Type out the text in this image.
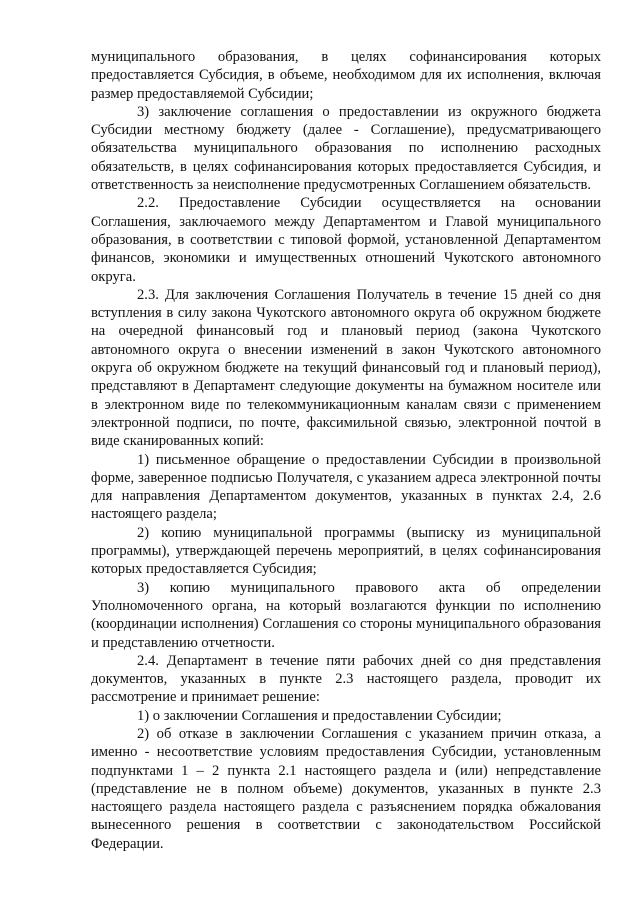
муниципального образования, в целях софинансирования которых предоставляется Субсидия, в объеме, необходимом для их исполнения, включая размер предоставляемой Субсидии;

3) заключение соглашения о предоставлении из окружного бюджета Субсидии местному бюджету (далее - Соглашение), предусматривающего обязательства муниципального образования по исполнению расходных обязательств, в целях софинансирования которых предоставляется Субсидия, и ответственность за неисполнение предусмотренных Соглашением обязательств.

2.2. Предоставление Субсидии осуществляется на основании Соглашения, заключаемого между Департаментом и Главой муниципального образования, в соответствии с типовой формой, установленной Департаментом финансов, экономики и имущественных отношений Чукотского автономного округа.

2.3. Для заключения Соглашения Получатель в течение 15 дней со дня вступления в силу закона Чукотского автономного округа об окружном бюджете на очередной финансовый год и плановый период (закона Чукотского автономного округа о внесении изменений в закон Чукотского автономного округа об окружном бюджете на текущий финансовый год и плановый период), представляют в Департамент следующие документы на бумажном носителе или в электронном виде по телекоммуникационным каналам связи с применением электронной подписи, по почте, факсимильной связью, электронной почтой в виде сканированных копий:

1) письменное обращение о предоставлении Субсидии в произвольной форме, заверенное подписью Получателя, с указанием адреса электронной почты для направления Департаментом документов, указанных в пунктах 2.4, 2.6 настоящего раздела;

2) копию муниципальной программы (выписку из муниципальной программы), утверждающей перечень мероприятий, в целях софинансирования которых предоставляется Субсидия;

3) копию муниципального правового акта об определении Уполномоченного органа, на который возлагаются функции по исполнению (координации исполнения) Соглашения со стороны муниципального образования и представлению отчетности.

2.4. Департамент в течение пяти рабочих дней со дня представления документов, указанных в пункте 2.3 настоящего раздела, проводит их рассмотрение и принимает решение:

1) о заключении Соглашения и предоставлении Субсидии;

2) об отказе в заключении Соглашения с указанием причин отказа, а именно - несоответствие условиям предоставления Субсидии, установленным подпунктами 1 – 2 пункта 2.1 настоящего раздела и (или) непредставление (представление не в полном объеме) документов, указанных в пункте 2.3 настоящего раздела настоящего раздела с разъяснением порядка обжалования вынесенного решения в соответствии с законодательством Российской Федерации.
